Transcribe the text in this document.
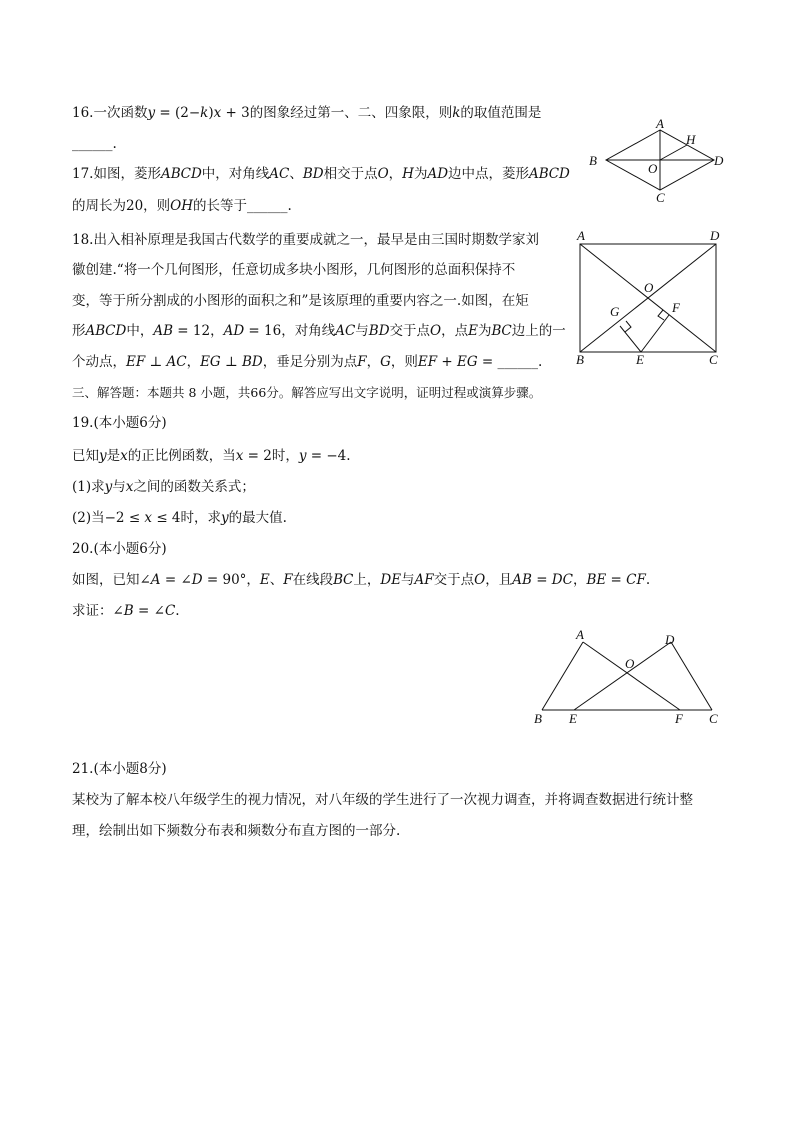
16.一次函数𝑦 = (2−𝑘)𝑥 + 3的图象经过第一、二、四象限，则𝑘的取值范围是
______.
17.如图，菱形𝐴𝐵𝐶𝐷中，对角线𝐴𝐶、𝐵𝐷相交于点𝑂，𝐻为𝐴𝐷边中点，菱形𝐴𝐵𝐶𝐷
的周长为20，则𝑂𝐻的长等于______.
A
B
C
D
O
H
18.出入相补原理是我国古代数学的重要成就之一，最早是由三国时期数学家刘
徽创建.“将一个几何图形，任意切成多块小图形，几何图形的总面积保持不
变，等于所分割成的小图形的面积之和”是该原理的重要内容之一.如图，在矩
形𝐴𝐵𝐶𝐷中，𝐴𝐵 = 12，𝐴𝐷 = 16，对角线𝐴𝐶与𝐵𝐷交于点𝑂，点𝐸为𝐵𝐶边上的一
个动点，𝐸𝐹 ⊥ 𝐴𝐶，𝐸𝐺 ⊥ 𝐵𝐷，垂足分别为点𝐹，𝐺，则𝐸𝐹 + 𝐸𝐺 = ______.
A	D
B	C
O
E
G	F
三、解答题：本题共 8 小题，共66分。解答应写出文字说明，证明过程或演算步骤。
19.(本小题6分)
已知𝑦是𝑥的正比例函数，当𝑥 = 2时，𝑦 = −4.
(1)求𝑦与𝑥之间的函数关系式；
(2)当−2 ≤ 𝑥 ≤ 4时，求𝑦的最大值.
20.(本小题6分)
如图，已知∠𝐴 = ∠𝐷 = 90°，𝐸、𝐹在线段𝐵𝐶上，𝐷𝐸与𝐴𝐹交于点𝑂，且𝐴𝐵 = 𝐷𝐶，𝐵𝐸 = 𝐶𝐹.
求证：∠𝐵 = ∠𝐶.
A	D
O
B E	F C
21.(本小题8分)
某校为了解本校八年级学生的视力情况，对八年级的学生进行了一次视力调查，并将调查数据进行统计整
理，绘制出如下频数分布表和频数分布直方图的一部分.
